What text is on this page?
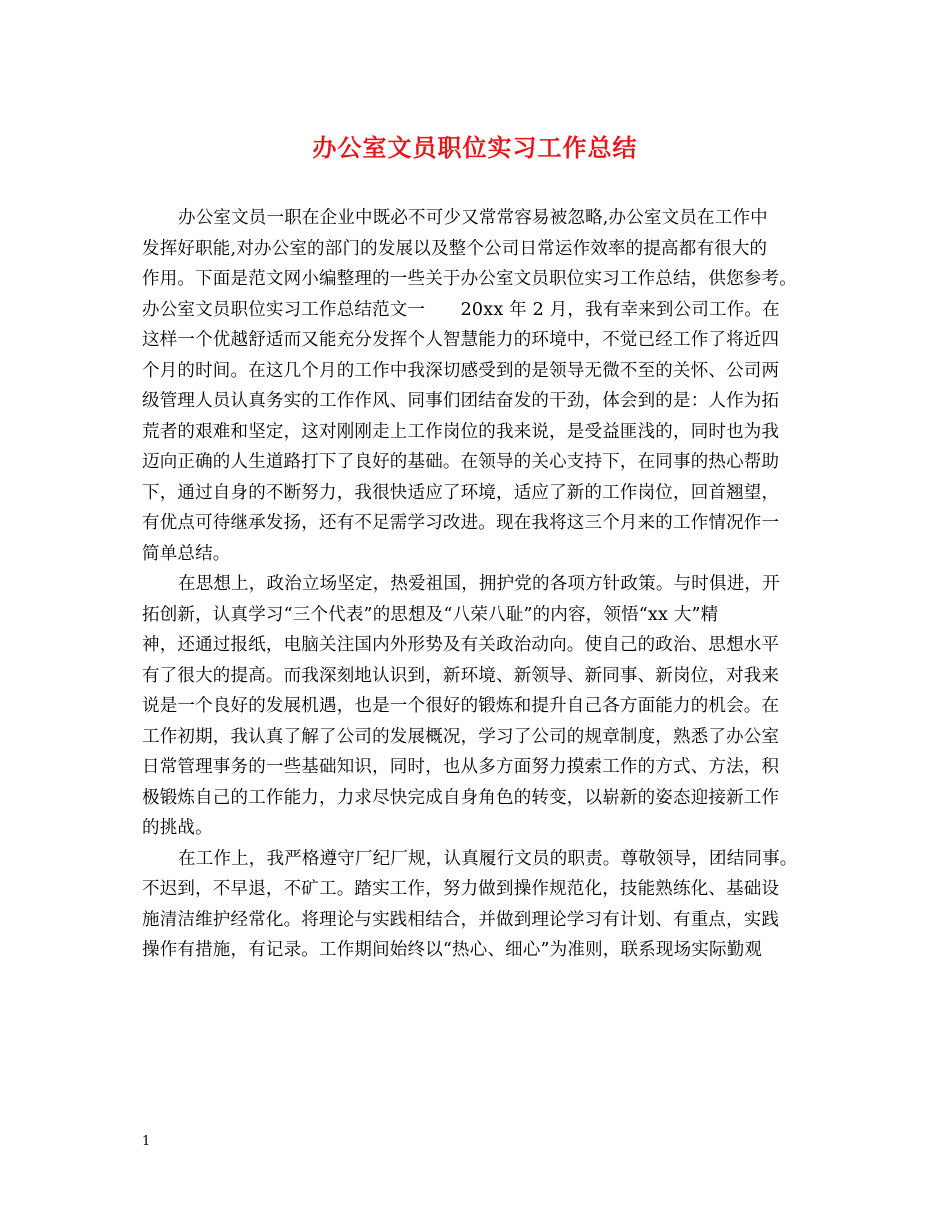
办公室文员职位实习工作总结
办公室文员一职在企业中既必不可少又常常容易被忽略,办公室文员在工作中
发挥好职能,对办公室的部门的发展以及整个公司日常运作效率的提高都有很大的
作用。下面是范文网小编整理的一些关于办公室文员职位实习工作总结，供您参考。
办公室文员职位实习工作总结范文一　　20xx 年 2 月，我有幸来到公司工作。在
这样一个优越舒适而又能充分发挥个人智慧能力的环境中，不觉已经工作了将近四
个月的时间。在这几个月的工作中我深切感受到的是领导无微不至的关怀、公司两
级管理人员认真务实的工作作风、同事们团结奋发的干劲，体会到的是：人作为拓
荒者的艰难和坚定，这对刚刚走上工作岗位的我来说，是受益匪浅的，同时也为我
迈向正确的人生道路打下了良好的基础。在领导的关心支持下，在同事的热心帮助
下，通过自身的不断努力，我很快适应了环境，适应了新的工作岗位，回首翘望，
有优点可待继承发扬，还有不足需学习改进。现在我将这三个月来的工作情况作一
简单总结。
在思想上，政治立场坚定，热爱祖国，拥护党的各项方针政策。与时俱进，开
拓创新，认真学习“三个代表”的思想及“八荣八耻”的内容，领悟“xx 大”精
神，还通过报纸，电脑关注国内外形势及有关政治动向。使自己的政治、思想水平
有了很大的提高。而我深刻地认识到，新环境、新领导、新同事、新岗位，对我来
说是一个良好的发展机遇，也是一个很好的锻炼和提升自己各方面能力的机会。在
工作初期，我认真了解了公司的发展概况，学习了公司的规章制度，熟悉了办公室
日常管理事务的一些基础知识，同时，也从多方面努力摸索工作的方式、方法，积
极锻炼自己的工作能力，力求尽快完成自身角色的转变，以崭新的姿态迎接新工作
的挑战。
在工作上，我严格遵守厂纪厂规，认真履行文员的职责。尊敬领导，团结同事。
不迟到，不早退，不矿工。踏实工作，努力做到操作规范化，技能熟练化、基础设
施清洁维护经常化。将理论与实践相结合，并做到理论学习有计划、有重点，实践
操作有措施，有记录。工作期间始终以“热心、细心”为准则，联系现场实际勤观
1
